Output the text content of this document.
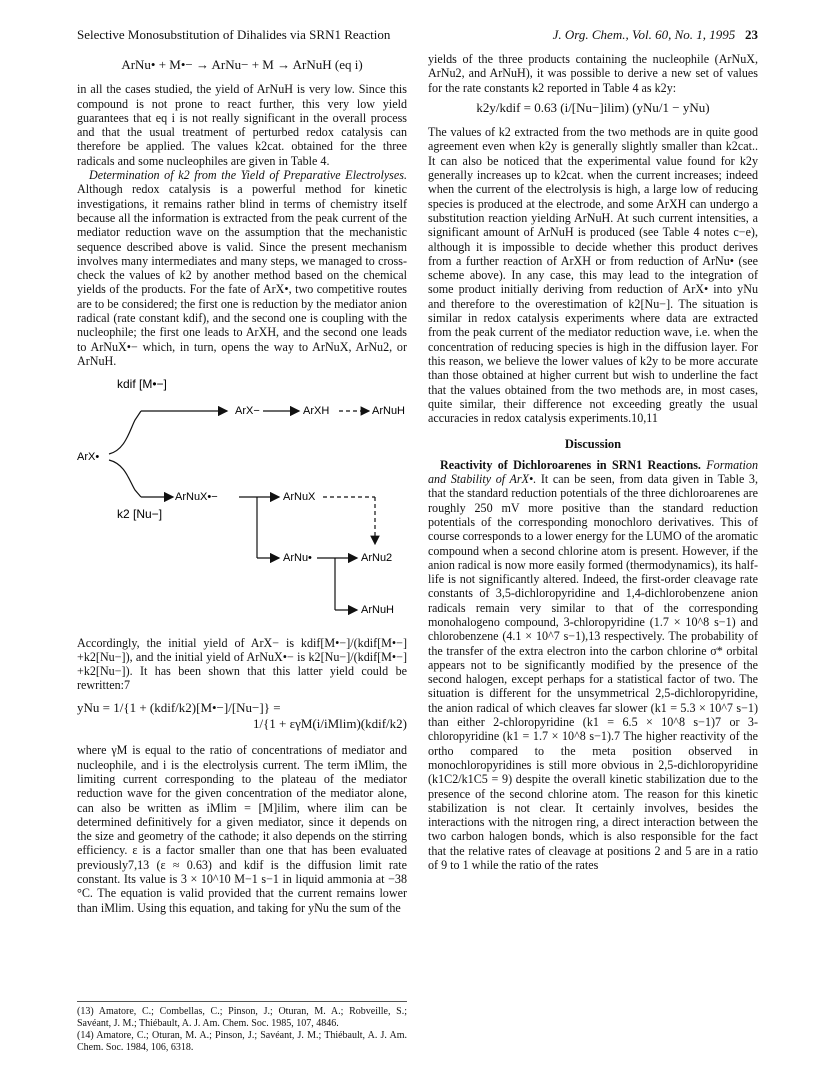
Selective Monosubstitution of Dihalides via SRN1 Reaction	J. Org. Chem., Vol. 60, No. 1, 1995 23
ArNu• + M•− → ArNu− + M → ArNuH (eq i)

in all the cases studied, the yield of ArNuH is very low. Since this compound is not prone to react further, this very low yield guarantees that eq i is not really significant in the overall process and that the usual treatment of perturbed redox catalysis can therefore be applied. The values k2cat. obtained for the three radicals and some nucleophiles are given in Table 4.

Determination of k2 from the Yield of Preparative Electrolyses. Although redox catalysis is a powerful method for kinetic investigations, it remains rather blind in terms of chemistry itself because all the information is extracted from the peak current of the mediator reduction wave on the assumption that the mechanistic sequence described above is valid. Since the present mechanism involves many intermediates and many steps, we managed to cross-check the values of k2 by another method based on the chemical yields of the products. For the fate of ArX•, two competitive routes are to be considered; the first one is reduction by the mediator anion radical (rate constant kdif), and the second one is coupling with the nucleophile; the first one leads to ArXH, and the second one leads to ArNuX•− which, in turn, opens the way to ArNuX, ArNu2, or ArNuH.

kdif [M•−]
ArX•
ArX−	ArXH	ArNuH
ArNuX•−
k2 [Nu−]
ArNuX
ArNu•	ArNu2
ArNuH

Accordingly, the initial yield of ArX− is kdif[M•−]/(kdif[M•−] +k2[Nu−]), and the initial yield of ArNuX•− is k2[Nu−]/(kdif[M•−] +k2[Nu−]). It has been shown that this latter yield could be rewritten:7

yNu = 1/{1 + (kdif/k2)[M•−]/[Nu−]} =
1/{1 + εγM(i/iMlim)(kdif/k2)

where γM is equal to the ratio of concentrations of mediator and nucleophile, and i is the electrolysis current. The term iMlim, the limiting current corresponding to the plateau of the mediator reduction wave for the given concentration of the mediator alone, can also be written as iMlim = [M]ilim, where ilim can be determined definitively for a given mediator, since it depends on the size and geometry of the cathode; it also depends on the stirring efficiency. ε is a factor smaller than one that has been evaluated previously7,13 (ε ≈ 0.63) and kdif is the diffusion limit rate constant. Its value is 3 × 10^10 M−1 s−1 in liquid ammonia at −38 °C. The equation is valid provided that the current remains lower than iMlim. Using this equation, and taking for yNu the sum of the

(13) Amatore, C.; Combellas, C.; Pinson, J.; Oturan, M. A.; Robveille, S.; Savéant, J. M.; Thiébault, A. J. Am. Chem. Soc. 1985, 107, 4846.

(14) Amatore, C.; Oturan, M. A.; Pinson, J.; Savéant, J. M.; Thiébault, A. J. Am. Chem. Soc. 1984, 106, 6318.

yields of the three products containing the nucleophile (ArNuX, ArNu2, and ArNuH), it was possible to derive a new set of values for the rate constants k2 reported in Table 4 as k2y:

k2y/kdif = 0.63 (i/[Nu−]ilim) (yNu/1 − yNu)

The values of k2 extracted from the two methods are in quite good agreement even when k2y is generally slightly smaller than k2cat.. It can also be noticed that the experimental value found for k2y generally increases up to k2cat. when the current increases; indeed when the current of the electrolysis is high, a large low of reducing species is produced at the electrode, and some ArXH can undergo a substitution reaction yielding ArNuH. At such current intensities, a significant amount of ArNuH is produced (see Table 4 notes c−e), although it is impossible to decide whether this product derives from a further reaction of ArXH or from reduction of ArNu• (see scheme above). In any case, this may lead to the integration of some product initially deriving from reduction of ArX• into yNu and therefore to the overestimation of k2[Nu−]. The situation is similar in redox catalysis experiments where data are extracted from the peak current of the mediator reduction wave, i.e. when the concentration of reducing species is high in the diffusion layer. For this reason, we believe the lower values of k2y to be more accurate than those obtained at higher current but wish to underline the fact that the values obtained from the two methods are, in most cases, quite similar, their difference not exceeding greatly the usual accuracies in redox catalysis experiments.10,11

Discussion

Reactivity of Dichloroarenes in SRN1 Reactions. Formation and Stability of ArX•. It can be seen, from data given in Table 3, that the standard reduction potentials of the three dichloroarenes are roughly 250 mV more positive than the standard reduction potentials of the corresponding monochloro derivatives. This of course corresponds to a lower energy for the LUMO of the aromatic compound when a second chlorine atom is present. However, if the anion radical is now more easily formed (thermodynamics), its half-life is not significantly altered. Indeed, the first-order cleavage rate constants of 3,5-dichloropyridine and 1,4-dichlorobenzene anion radicals remain very similar to that of the corresponding monohalogeno compound, 3-chloropyridine (1.7 × 10^8 s−1) and chlorobenzene (4.1 × 10^7 s−1),13 respectively. The probability of the transfer of the extra electron into the carbon chlorine σ* orbital appears not to be significantly modified by the presence of the second halogen, except perhaps for a statistical factor of two. The situation is different for the unsymmetrical 2,5-dichloropyridine, the anion radical of which cleaves far slower (k1 = 5.3 × 10^7 s−1) than either 2-chloropyridine (k1 = 6.5 × 10^8 s−1)7 or 3-chloropyridine (k1 = 1.7 × 10^8 s−1).7 The higher reactivity of the ortho compared to the meta position observed in monochloropyridines is still more obvious in 2,5-dichloropyridine (k1C2/k1C5 = 9) despite the overall kinetic stabilization due to the presence of the second chlorine atom. The reason for this kinetic stabilization is not clear. It certainly involves, besides the interactions with the nitrogen ring, a direct interaction between the two carbon halogen bonds, which is also responsible for the fact that the relative rates of cleavage at positions 2 and 5 are in a ratio of 9 to 1 while the ratio of the rates
